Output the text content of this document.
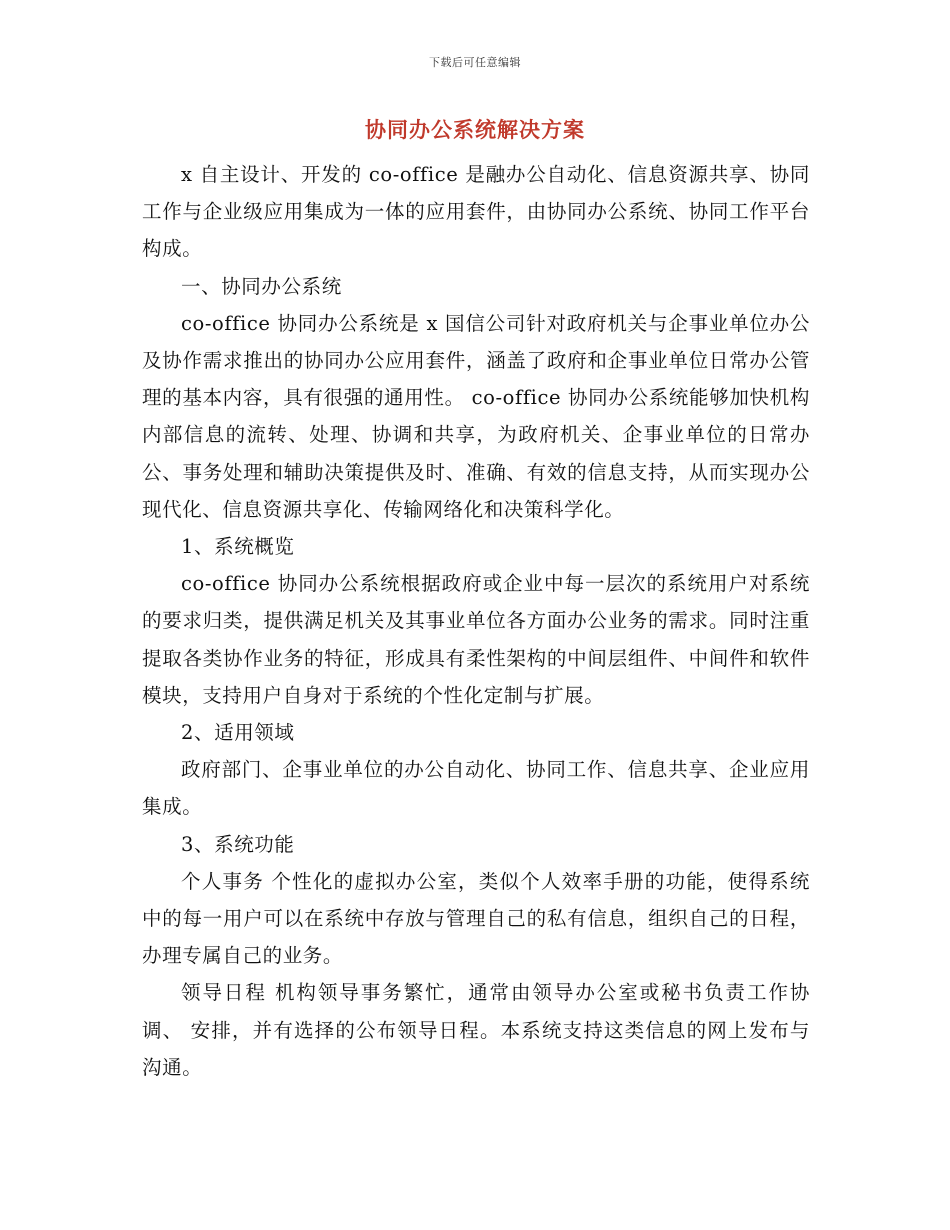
下载后可任意编辑
协同办公系统解决方案

x 自主设计、开发的 co-office 是融办公自动化、信息资源共享、协同工作与企业级应用集成为一体的应用套件，由协同办公系统、协同工作平台构成。

一、协同办公系统

co-office 协同办公系统是 x 国信公司针对政府机关与企事业单位办公及协作需求推出的协同办公应用套件，涵盖了政府和企事业单位日常办公管理的基本内容，具有很强的通用性。 co-office 协同办公系统能够加快机构内部信息的流转、处理、协调和共享，为政府机关、企事业单位的日常办公、事务处理和辅助决策提供及时、准确、有效的信息支持，从而实现办公现代化、信息资源共享化、传输网络化和决策科学化。

1、系统概览

co-office 协同办公系统根据政府或企业中每一层次的系统用户对系统的要求归类，提供满足机关及其事业单位各方面办公业务的需求。同时注重提取各类协作业务的特征，形成具有柔性架构的中间层组件、中间件和软件模块，支持用户自身对于系统的个性化定制与扩展。

2、适用领域

政府部门、企事业单位的办公自动化、协同工作、信息共享、企业应用集成。

3、系统功能

个人事务 个性化的虚拟办公室，类似个人效率手册的功能，使得系统中的每一用户可以在系统中存放与管理自己的私有信息，组织自己的日程，办理专属自己的业务。

领导日程 机构领导事务繁忙，通常由领导办公室或秘书负责工作协调、 安排，并有选择的公布领导日程。本系统支持这类信息的网上发布与沟通。
